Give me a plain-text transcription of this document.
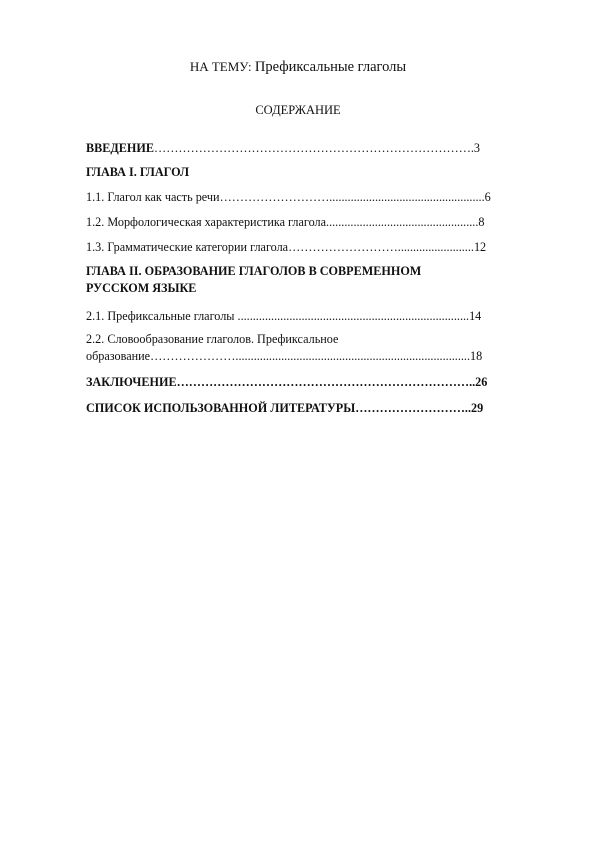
НА ТЕМУ: Префиксальные глаголы
СОДЕРЖАНИЕ
ВВЕДЕНИЕ…………………………………………………………………….3
ГЛАВА I. ГЛАГОЛ
1.1. Глагол как часть речи………………………...................................................6
1.2. Морфологическая характеристика глагола..................................................8
1.3. Грамматические категории глагола……………………….........................12
ГЛАВА II. ОБРАЗОВАНИЕ ГЛАГОЛОВ В СОВРЕМЕННОМ
РУССКОМ ЯЗЫКЕ
2.1. Префиксальные глаголы ............................................................................14
2.2. Словообразование глаголов. Префиксальное
образование………………….............................................................................18
ЗАКЛЮЧЕНИЕ………………………………………………………………..26
СПИСОК ИСПОЛЬЗОВАННОЙ ЛИТЕРАТУРЫ………………………..29
